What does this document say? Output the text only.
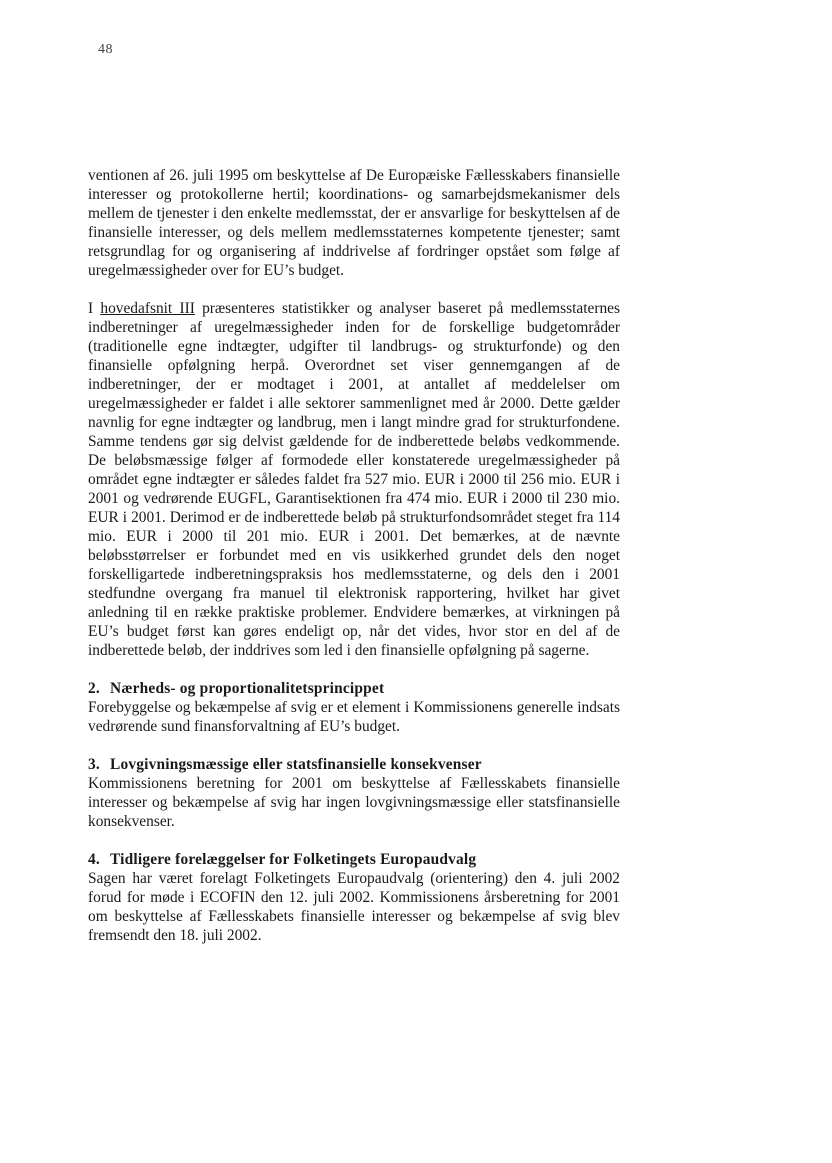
48

ventionen af 26. juli 1995 om beskyttelse af De Europæiske Fællesskabers finansielle interesser og protokollerne hertil; koordinations- og samarbejdsmekanismer dels mellem de tjenester i den enkelte medlemsstat, der er ansvarlige for beskyttelsen af de finansielle interesser, og dels mellem medlemsstaternes kompetente tjenester; samt retsgrundlag for og organisering af inddrivelse af fordringer opstået som følge af uregelmæssigheder over for EU’s budget.

I hovedafsnit III præsenteres statistikker og analyser baseret på medlemsstaternes indberetninger af uregelmæssigheder inden for de forskellige budgetområder (traditionelle egne indtægter, udgifter til landbrugs- og strukturfonde) og den finansielle opfølgning herpå. Overordnet set viser gennemgangen af de indberetninger, der er modtaget i 2001, at antallet af meddelelser om uregelmæssigheder er faldet i alle sektorer sammenlignet med år 2000. Dette gælder navnlig for egne indtægter og landbrug, men i langt mindre grad for strukturfondene. Samme tendens gør sig delvist gældende for de indberettede beløbs vedkommende. De beløbsmæssige følger af formodede eller konstaterede uregelmæssigheder på området egne indtægter er således faldet fra 527 mio. EUR i 2000 til 256 mio. EUR i 2001 og vedrørende EUGFL, Garantisektionen fra 474 mio. EUR i 2000 til 230 mio. EUR i 2001. Derimod er de indberettede beløb på strukturfondsområdet steget fra 114 mio. EUR i 2000 til 201 mio. EUR i 2001. Det bemærkes, at de nævnte beløbsstørrelser er forbundet med en vis usikkerhed grundet dels den noget forskelligartede indberetningspraksis hos medlemsstaterne, og dels den i 2001 stedfundne overgang fra manuel til elektronisk rapportering, hvilket har givet anledning til en række praktiske problemer. Endvidere bemærkes, at virkningen på EU’s budget først kan gøres endeligt op, når det vides, hvor stor en del af de indberettede beløb, der inddrives som led i den finansielle opfølgning på sagerne.

2. Nærheds- og proportionalitetsprincippet

Forebyggelse og bekæmpelse af svig er et element i Kommissionens generelle indsats vedrørende sund finansforvaltning af EU’s budget.

3. Lovgivningsmæssige eller statsfinansielle konsekvenser

Kommissionens beretning for 2001 om beskyttelse af Fællesskabets finansielle interesser og bekæmpelse af svig har ingen lovgivningsmæssige eller statsfinansielle konsekvenser.

4. Tidligere forelæggelser for Folketingets Europaudvalg

Sagen har været forelagt Folketingets Europaudvalg (orientering) den 4. juli 2002 forud for møde i ECOFIN den 12. juli 2002. Kommissionens årsberetning for 2001 om beskyttelse af Fællesskabets finansielle interesser og bekæmpelse af svig blev fremsendt den 18. juli 2002.
